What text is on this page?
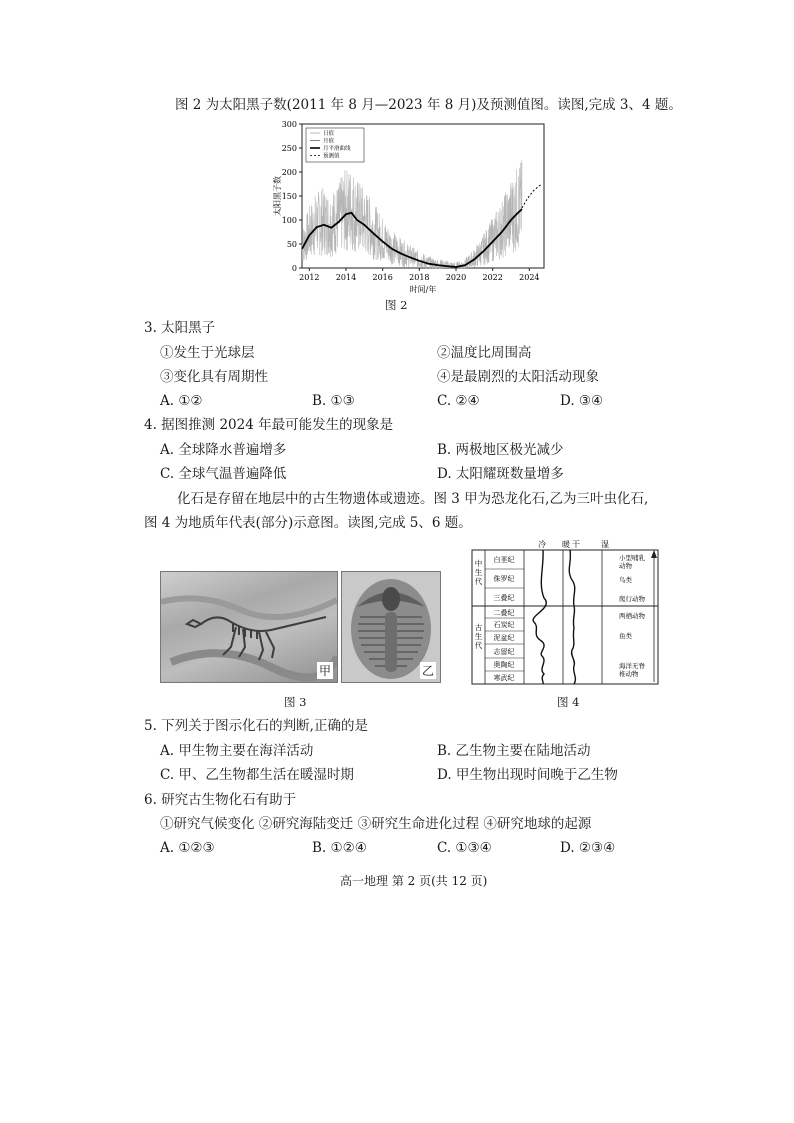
图 2 为太阳黑子数(2011 年 8 月—2023 年 8 月)及预测值图。读图,完成 3、4 题。
0
50
100
150
200
250
300
2012 2014 2016 2018 2020 2022 2024
时间/年
太阳黑子数
日值
月值
月平滑曲线
预测值
图 2
3. 太阳黑子
①发生于光球层	②温度比周围高
③变化具有周期性	④是最剧烈的太阳活动现象
A. ①②	B. ①③	C. ②④	D. ③④
4. 据图推测 2024 年最可能发生的现象是
A. 全球降水普遍增多	B. 两极地区极光减少
C. 全球气温普遍降低	D. 太阳耀斑数量增多
化石是存留在地层中的古生物遗体或遗迹。图 3 甲为恐龙化石,乙为三叶虫化石,
图 4 为地质年代表(部分)示意图。读图,完成 5、6 题。
甲	乙
图 3
冷 暖 干	湿
中生代
古生代
白垩纪
侏罗纪
三叠纪
二叠纪
石炭纪
泥盆纪
志留纪
奥陶纪
寒武纪
小型哺乳动物
鸟类
爬行动物
两栖动物
鱼类
海洋无脊椎动物
图 4
5. 下列关于图示化石的判断,正确的是
A. 甲生物主要在海洋活动	B. 乙生物主要在陆地活动
C. 甲、乙生物都生活在暖湿时期	D. 甲生物出现时间晚于乙生物
6. 研究古生物化石有助于
①研究气候变化 ②研究海陆变迁 ③研究生命进化过程 ④研究地球的起源
A. ①②③	B. ①②④	C. ①③④	D. ②③④
高一地理 第 2 页(共 12 页)
